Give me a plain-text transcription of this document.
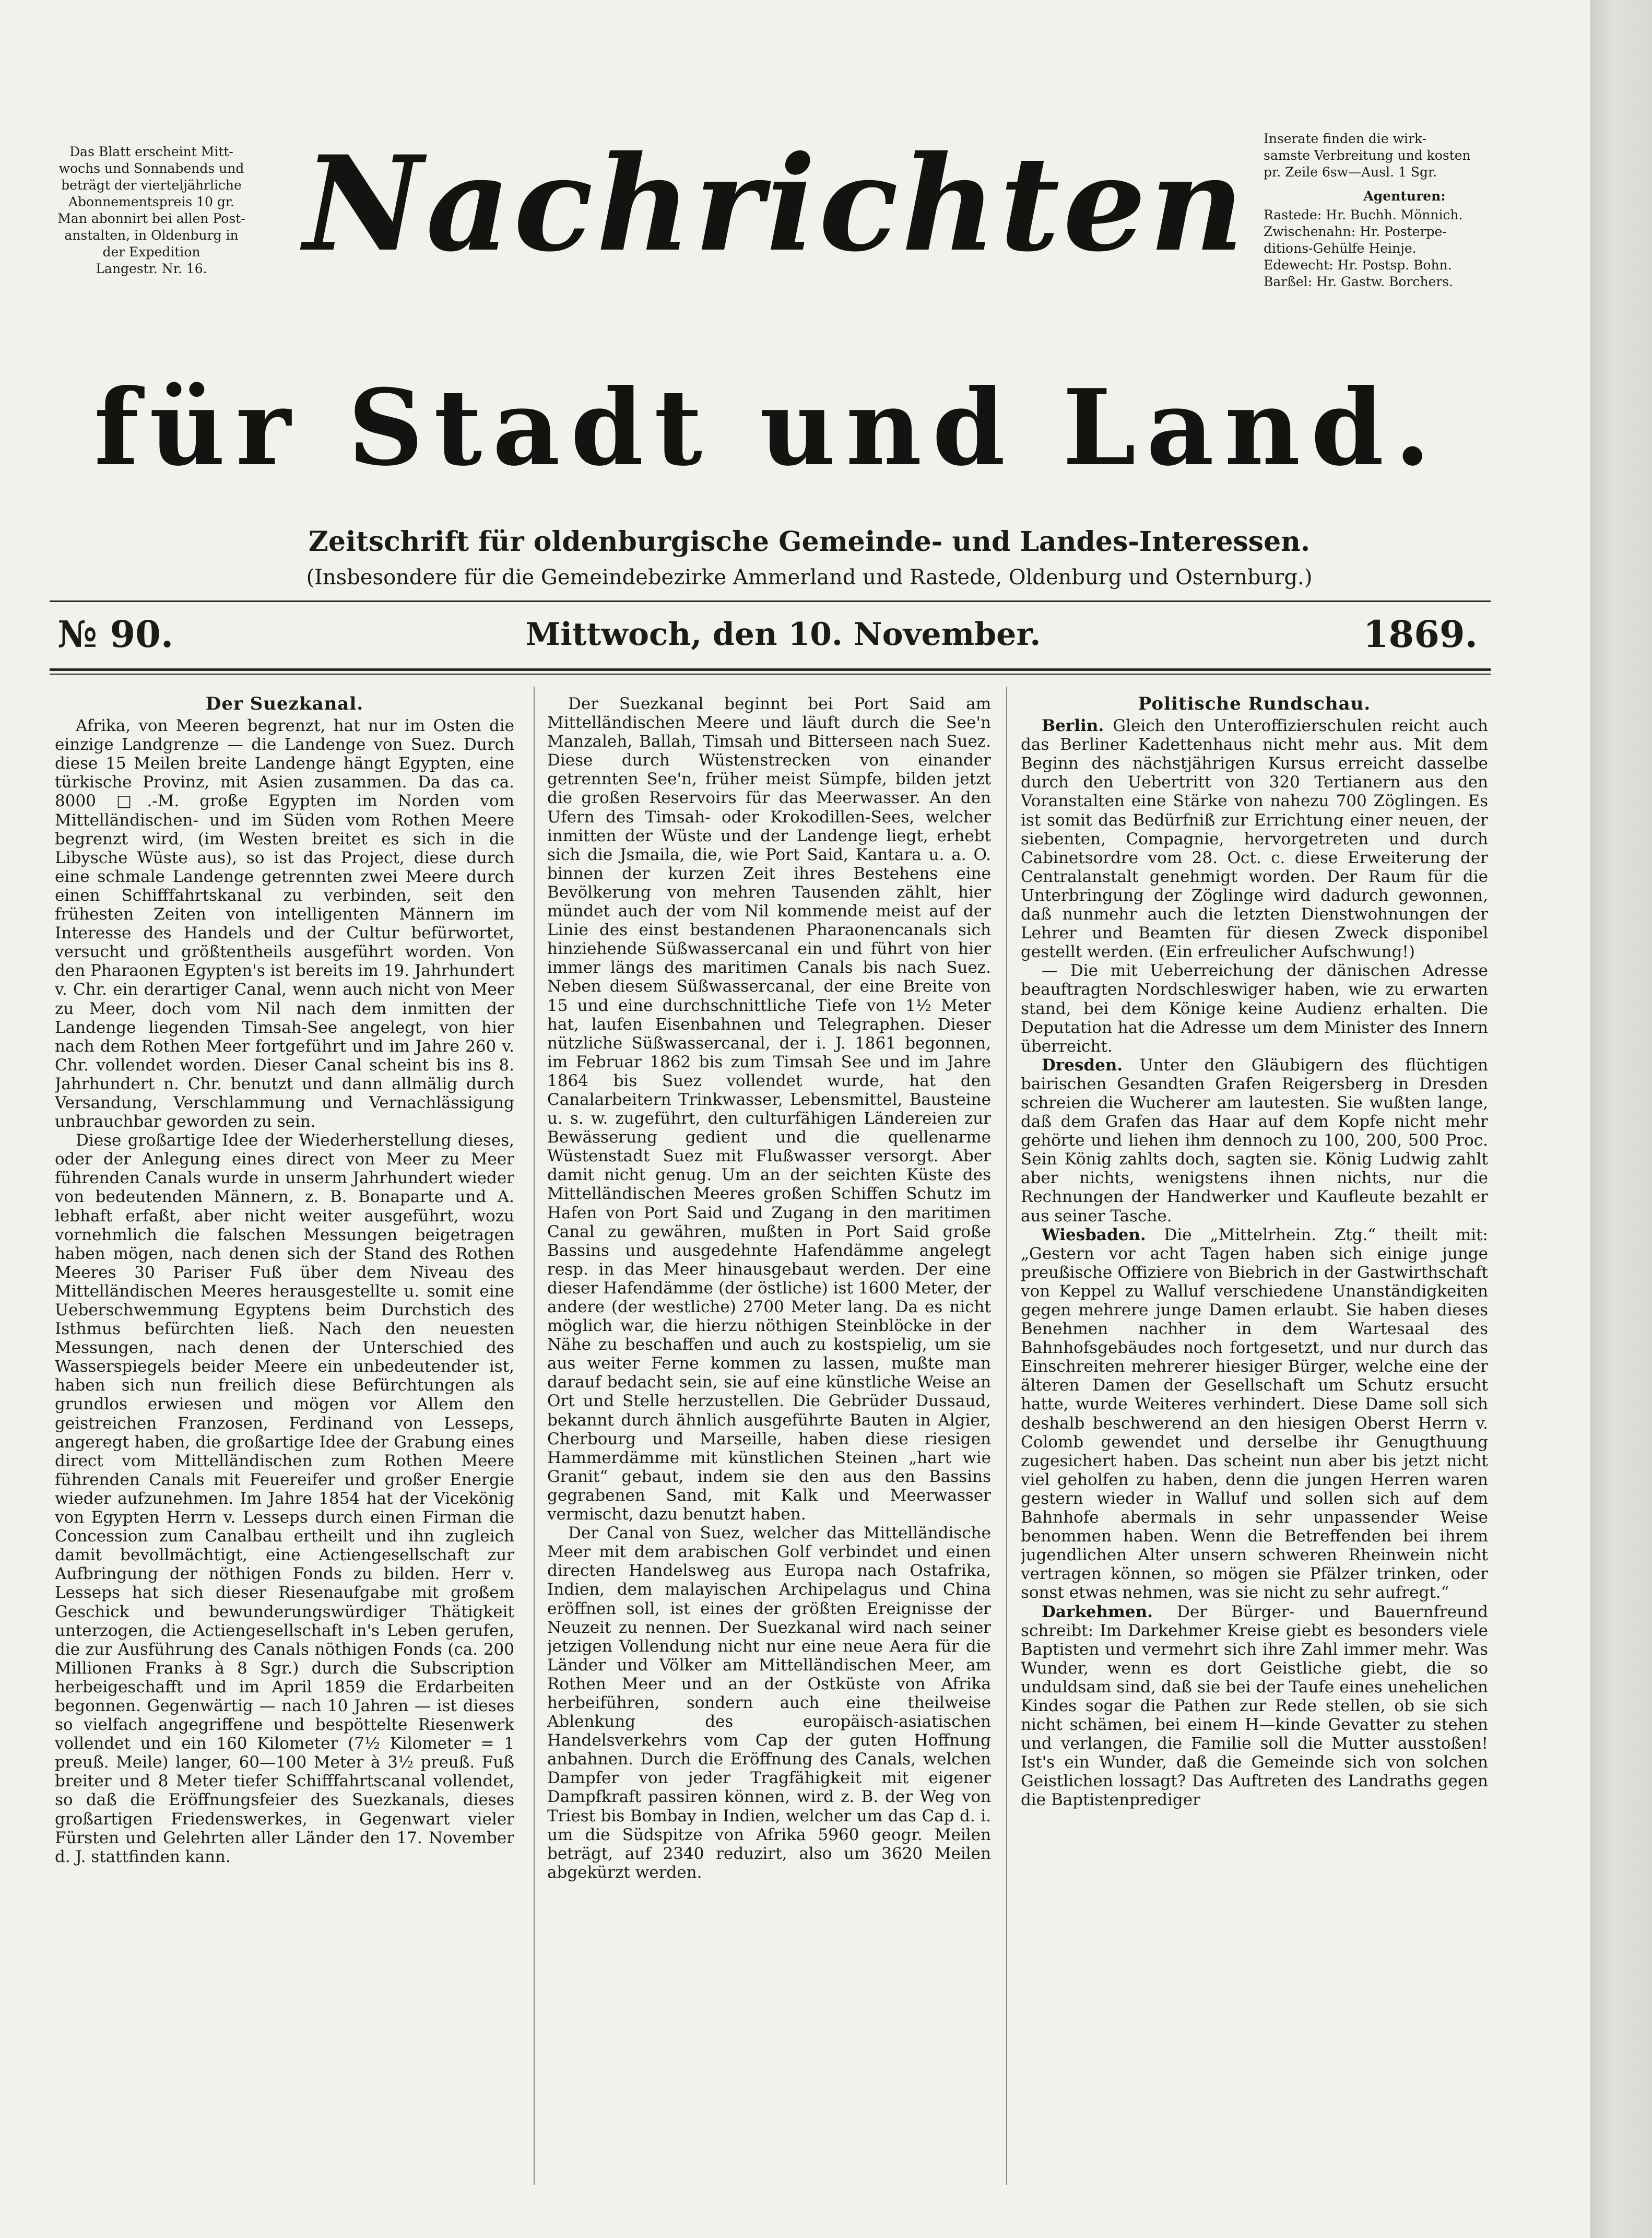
Das Blatt erscheint Mitt-
wochs und Sonnabends und
beträgt der vierteljährliche
Abonnementspreis 10 gr.
Man abonnirt bei allen Post-
anstalten, in Oldenburg in
der Expedition
Langestr. Nr. 16.
Inserate finden die wirk-
samste Verbreitung und kosten
pr. Zeile 6sw—Ausl. 1 Sgr.
Agenturen:
Rastede: Hr. Buchh. Mönnich.
Zwischenahn: Hr. Posterpe-
ditions-Gehülfe Heinje.
Edewecht: Hr. Postsp. Bohn.
Barßel: Hr. Gastw. Borchers.
Nachrichten
für Stadt und Land.
Zeitschrift für oldenburgische Gemeinde- und Landes-Interessen.
(Insbesondere für die Gemeindebezirke Ammerland und Rastede, Oldenburg und Osternburg.)
№ 90.	Mittwoch, den 10. November.	1869.
Der Suezkanal.

Afrika, von Meeren begrenzt, hat nur im Osten die einzige Landgrenze — die Landenge von Suez. Durch diese 15 Meilen breite Landenge hängt Egypten, eine türkische Provinz, mit Asien zusammen. Da das ca. 8000 □.-M. große Egypten im Norden vom Mittelländischen- und im Süden vom Rothen Meere begrenzt wird, (im Westen breitet es sich in die Libysche Wüste aus), so ist das Project, diese durch eine schmale Landenge getrennten zwei Meere durch einen Schifffahrtskanal zu verbinden, seit den frühesten Zeiten von intelligenten Männern im Interesse des Handels und der Cultur befürwortet, versucht und größtentheils ausgeführt worden. Von den Pharaonen Egypten's ist bereits im 19. Jahrhundert v. Chr. ein derartiger Canal, wenn auch nicht von Meer zu Meer, doch vom Nil nach dem inmitten der Landenge liegenden Timsah-See angelegt, von hier nach dem Rothen Meer fortgeführt und im Jahre 260 v. Chr. vollendet worden. Dieser Canal scheint bis ins 8. Jahrhundert n. Chr. benutzt und dann allmälig durch Versandung, Verschlammung und Vernachlässigung unbrauchbar geworden zu sein.

Diese großartige Idee der Wiederherstellung dieses, oder der Anlegung eines direct von Meer zu Meer führenden Canals wurde in unserm Jahrhundert wieder von bedeutenden Männern, z. B. Bonaparte und A. lebhaft erfaßt, aber nicht weiter ausgeführt, wozu vornehmlich die falschen Messungen beigetragen haben mögen, nach denen sich der Stand des Rothen Meeres 30 Pariser Fuß über dem Niveau des Mittelländischen Meeres herausgestellte u. somit eine Ueberschwemmung Egyptens beim Durchstich des Isthmus befürchten ließ. Nach den neuesten Messungen, nach denen der Unterschied des Wasserspiegels beider Meere ein unbedeutender ist, haben sich nun freilich diese Befürchtungen als grundlos erwiesen und mögen vor Allem den geistreichen Franzosen, Ferdinand von Lesseps, angeregt haben, die großartige Idee der Grabung eines direct vom Mittelländischen zum Rothen Meere führenden Canals mit Feuereifer und großer Energie wieder aufzunehmen. Im Jahre 1854 hat der Vicekönig von Egypten Herrn v. Lesseps durch einen Firman die Concession zum Canalbau ertheilt und ihn zugleich damit bevollmächtigt, eine Actiengesellschaft zur Aufbringung der nöthigen Fonds zu bilden. Herr v. Lesseps hat sich dieser Riesenaufgabe mit großem Geschick und bewunderungswürdiger Thätigkeit unterzogen, die Actiengesellschaft in's Leben gerufen, die zur Ausführung des Canals nöthigen Fonds (ca. 200 Millionen Franks à 8 Sgr.) durch die Subscription herbeigeschafft und im April 1859 die Erdarbeiten begonnen. Gegenwärtig — nach 10 Jahren — ist dieses so vielfach angegriffene und bespöttelte Riesenwerk vollendet und ein 160 Kilometer (7½ Kilometer = 1 preuß. Meile) langer, 60—100 Meter à 3½ preuß. Fuß breiter und 8 Meter tiefer Schifffahrtscanal vollendet, so daß die Eröffnungsfeier des Suezkanals, dieses großartigen Friedenswerkes, in Gegenwart vieler Fürsten und Gelehrten aller Länder den 17. November d. J. stattfinden kann.

Der Suezkanal beginnt bei Port Said am Mittelländischen Meere und läuft durch die See'n Manzaleh, Ballah, Timsah und Bitterseen nach Suez. Diese durch Wüstenstrecken von einander getrennten See'n, früher meist Sümpfe, bilden jetzt die großen Reservoirs für das Meerwasser. An den Ufern des Timsah- oder Krokodillen-Sees, welcher inmitten der Wüste und der Landenge liegt, erhebt sich die Jsmaila, die, wie Port Said, Kantara u. a. O. binnen der kurzen Zeit ihres Bestehens eine Bevölkerung von mehren Tausenden zählt, hier mündet auch der vom Nil kommende meist auf der Linie des einst bestandenen Pharaonencanals sich hinziehende Süßwassercanal ein und führt von hier immer längs des maritimen Canals bis nach Suez. Neben diesem Süßwassercanal, der eine Breite von 15 und eine durchschnittliche Tiefe von 1½ Meter hat, laufen Eisenbahnen und Telegraphen. Dieser nützliche Süßwassercanal, der i. J. 1861 begonnen, im Februar 1862 bis zum Timsah See und im Jahre 1864 bis Suez vollendet wurde, hat den Canalarbeitern Trinkwasser, Lebensmittel, Bausteine u. s. w. zugeführt, den culturfähigen Ländereien zur Bewässerung gedient und die quellenarme Wüstenstadt Suez mit Flußwasser versorgt. Aber damit nicht genug. Um an der seichten Küste des Mittelländischen Meeres großen Schiffen Schutz im Hafen von Port Said und Zugang in den maritimen Canal zu gewähren, mußten in Port Said große Bassins und ausgedehnte Hafendämme angelegt resp. in das Meer hinausgebaut werden. Der eine dieser Hafendämme (der östliche) ist 1600 Meter, der andere (der westliche) 2700 Meter lang. Da es nicht möglich war, die hierzu nöthigen Steinblöcke in der Nähe zu beschaffen und auch zu kostspielig, um sie aus weiter Ferne kommen zu lassen, mußte man darauf bedacht sein, sie auf eine künstliche Weise an Ort und Stelle herzustellen. Die Gebrüder Dussaud, bekannt durch ähnlich ausgeführte Bauten in Algier, Cherbourg und Marseille, haben diese riesigen Hammerdämme mit künstlichen Steinen „hart wie Granit“ gebaut, indem sie den aus den Bassins gegrabenen Sand, mit Kalk und Meerwasser vermischt, dazu benutzt haben.

Der Canal von Suez, welcher das Mittelländische Meer mit dem arabischen Golf verbindet und einen directen Handelsweg aus Europa nach Ostafrika, Indien, dem malayischen Archipelagus und China eröffnen soll, ist eines der größten Ereignisse der Neuzeit zu nennen. Der Suezkanal wird nach seiner jetzigen Vollendung nicht nur eine neue Aera für die Länder und Völker am Mittelländischen Meer, am Rothen Meer und an der Ostküste von Afrika herbeiführen, sondern auch eine theilweise Ablenkung des europäisch-asiatischen Handelsverkehrs vom Cap der guten Hoffnung anbahnen. Durch die Eröffnung des Canals, welchen Dampfer von jeder Tragfähigkeit mit eigener Dampfkraft passiren können, wird z. B. der Weg von Triest bis Bombay in Indien, welcher um das Cap d. i. um die Südspitze von Afrika 5960 geogr. Meilen beträgt, auf 2340 reduzirt, also um 3620 Meilen abgekürzt werden.

Politische Rundschau.

Berlin. Gleich den Unteroffizierschulen reicht auch das Berliner Kadettenhaus nicht mehr aus. Mit dem Beginn des nächstjährigen Kursus erreicht dasselbe durch den Uebertritt von 320 Tertianern aus den Voranstalten eine Stärke von nahezu 700 Zöglingen. Es ist somit das Bedürfniß zur Errichtung einer neuen, der siebenten, Compagnie, hervorgetreten und durch Cabinetsordre vom 28. Oct. c. diese Erweiterung der Centralanstalt genehmigt worden. Der Raum für die Unterbringung der Zöglinge wird dadurch gewonnen, daß nunmehr auch die letzten Dienstwohnungen der Lehrer und Beamten für diesen Zweck disponibel gestellt werden. (Ein erfreulicher Aufschwung!)

— Die mit Ueberreichung der dänischen Adresse beauftragten Nordschleswiger haben, wie zu erwarten stand, bei dem Könige keine Audienz erhalten. Die Deputation hat die Adresse um dem Minister des Innern überreicht.

Dresden. Unter den Gläubigern des flüchtigen bairischen Gesandten Grafen Reigersberg in Dresden schreien die Wucherer am lautesten. Sie wußten lange, daß dem Grafen das Haar auf dem Kopfe nicht mehr gehörte und liehen ihm dennoch zu 100, 200, 500 Proc. Sein König zahlts doch, sagten sie. König Ludwig zahlt aber nichts, wenigstens ihnen nichts, nur die Rechnungen der Handwerker und Kaufleute bezahlt er aus seiner Tasche.

Wiesbaden. Die „Mittelrhein. Ztg.“ theilt mit: „Gestern vor acht Tagen haben sich einige junge preußische Offiziere von Biebrich in der Gastwirthschaft von Keppel zu Walluf verschiedene Unanständigkeiten gegen mehrere junge Damen erlaubt. Sie haben dieses Benehmen nachher in dem Wartesaal des Bahnhofsgebäudes noch fortgesetzt, und nur durch das Einschreiten mehrerer hiesiger Bürger, welche eine der älteren Damen der Gesellschaft um Schutz ersucht hatte, wurde Weiteres verhindert. Diese Dame soll sich deshalb beschwerend an den hiesigen Oberst Herrn v. Colomb gewendet und derselbe ihr Genugthuung zugesichert haben. Das scheint nun aber bis jetzt nicht viel geholfen zu haben, denn die jungen Herren waren gestern wieder in Walluf und sollen sich auf dem Bahnhofe abermals in sehr unpassender Weise benommen haben. Wenn die Betreffenden bei ihrem jugendlichen Alter unsern schweren Rheinwein nicht vertragen können, so mögen sie Pfälzer trinken, oder sonst etwas nehmen, was sie nicht zu sehr aufregt.“

Darkehmen. Der Bürger- und Bauernfreund schreibt: Im Darkehmer Kreise giebt es besonders viele Baptisten und vermehrt sich ihre Zahl immer mehr. Was Wunder, wenn es dort Geistliche giebt, die so unduldsam sind, daß sie bei der Taufe eines unehelichen Kindes sogar die Pathen zur Rede stellen, ob sie sich nicht schämen, bei einem H—kinde Gevatter zu stehen und verlangen, die Familie soll die Mutter ausstoßen! Ist's ein Wunder, daß die Gemeinde sich von solchen Geistlichen lossagt? Das Auftreten des Landraths gegen die Baptistenprediger
